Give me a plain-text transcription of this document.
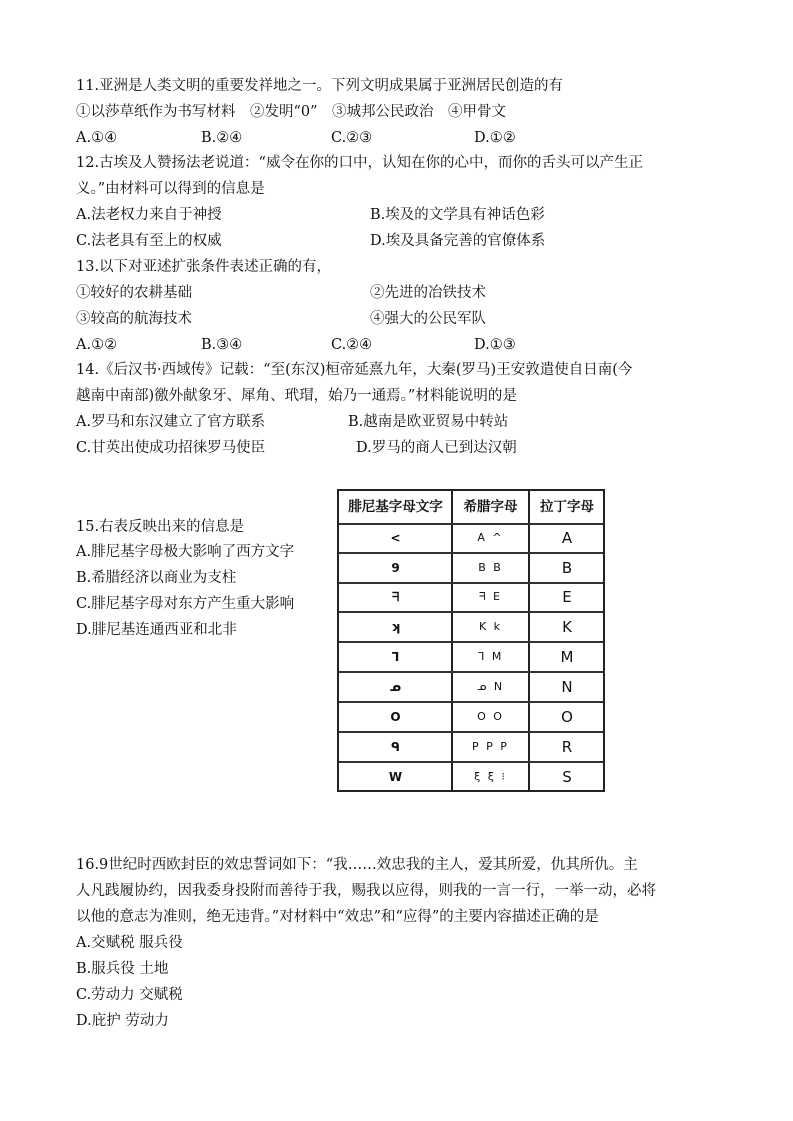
11.亚洲是人类文明的重要发祥地之一。下列文明成果属于亚洲居民创造的有
①以莎草纸作为书写材料　②发明“0”　③城邦公民政治　④甲骨文
A.①④	B.②④	C.②③	D.①②
12.古埃及人赞扬法老说道：“威令在你的口中，认知在你的心中，而你的舌头可以产生正
义。”由材料可以得到的信息是
A.法老权力来自于神授	B.埃及的文学具有神话色彩
C.法老具有至上的权威	D.埃及具备完善的官僚体系
13.以下对亚述扩张条件表述正确的有，
①较好的农耕基础	②先进的冶铁技术
③较高的航海技术	④强大的公民军队
A.①②	B.③④	C.②④	D.①③
14.《后汉书·西域传》记载：“至(东汉)桓帝延熹九年，大秦(罗马)王安敦遣使自日南(今
越南中南部)徼外献象牙、犀角、玳瑁，始乃一通焉。”材料能说明的是
A.罗马和东汉建立了官方联系	B.越南是欧亚贸易中转站
C.甘英出使成功招徕罗马使臣	D.罗马的商人已到达汉朝
15.右表反映出来的信息是
A.腓尼基字母极大影响了西方文字
B.希腊经济以商业为支柱
C.腓尼基字母对东方产生重大影响
D.腓尼基连通西亚和北非
腓尼基字母文字	希腊字母	拉丁字母
<	A ^	A
9	B B	B
ᖷ	ᖷ E	E
ʞ	K k	K
ᒣ	ᒣ M	M
ᓄ	ᓄ N	N
O	O O	O
ᑫ	P P P	R
W	ξ ξ ⁝	S
16.9世纪时西欧封臣的效忠誓词如下：“我……效忠我的主人，爱其所爱，仇其所仇。主
人凡践履协约，因我委身投附而善待于我，赐我以应得，则我的一言一行，一举一动，必将
以他的意志为准则，绝无违背。”对材料中“效忠”和“应得”的主要内容描述正确的是
A.交赋税 服兵役
B.服兵役 土地
C.劳动力 交赋税
D.庇护 劳动力
